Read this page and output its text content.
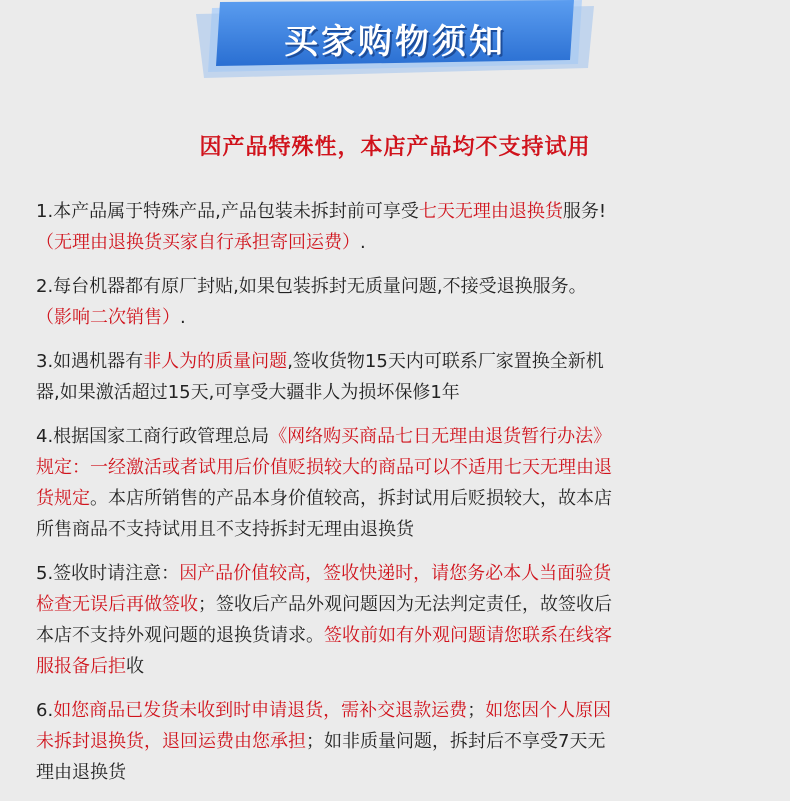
买家购物须知
因产品特殊性，本店产品均不支持试用
1.本产品属于特殊产品,产品包装未拆封前可享受七天无理由退换货服务!
（无理由退换货买家自行承担寄回运费）.
2.每台机器都有原厂封贴,如果包装拆封无质量问题,不接受退换服务。
（影响二次销售）.
3.如遇机器有非人为的质量问题,签收货物15天内可联系厂家置换全新机
器,如果激活超过15天,可享受大疆非人为损坏保修1年
4.根据国家工商行政管理总局《网络购买商品七日无理由退货暂行办法》
规定：一经激活或者试用后价值贬损较大的商品可以不适用七天无理由退
货规定。本店所销售的产品本身价值较高，拆封试用后贬损较大，故本店
所售商品不支持试用且不支持拆封无理由退换货
5.签收时请注意：因产品价值较高，签收快递时，请您务必本人当面验货
检查无误后再做签收；签收后产品外观问题因为无法判定责任，故签收后
本店不支持外观问题的退换货请求。签收前如有外观问题请您联系在线客
服报备后拒收
6.如您商品已发货未收到时申请退货，需补交退款运费；如您因个人原因
未拆封退换货，退回运费由您承担；如非质量问题，拆封后不享受7天无
理由退换货
